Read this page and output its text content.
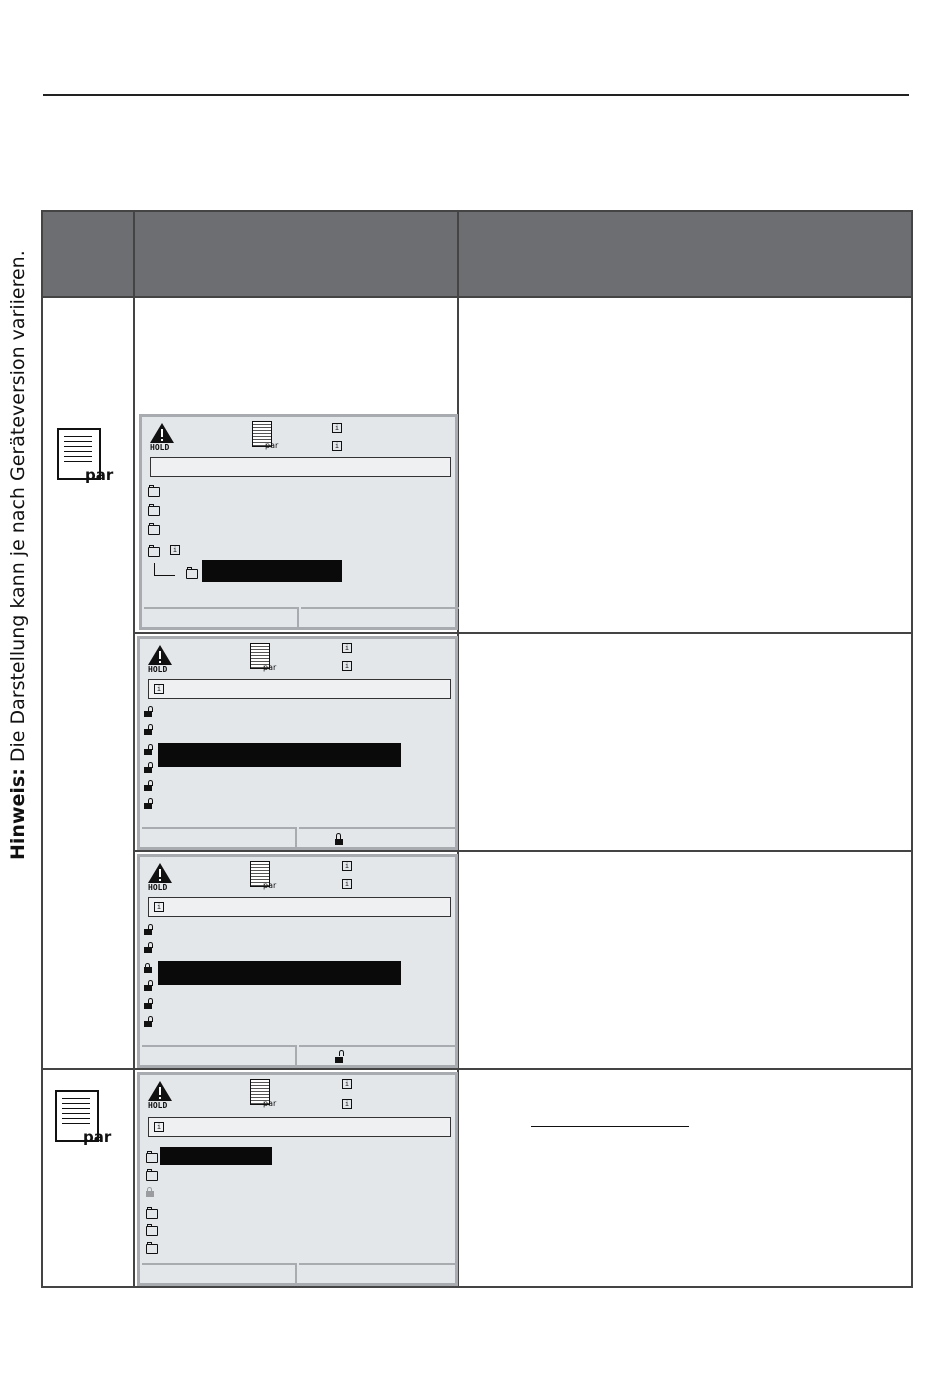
Hinweis: Die Darstellung kann je nach Geräteversion variieren.
			par	HOLD par
i
i
i

	HOLD par
i
i
i

	HOLD par
i
i
i

par	HOLD par
i
i
i
